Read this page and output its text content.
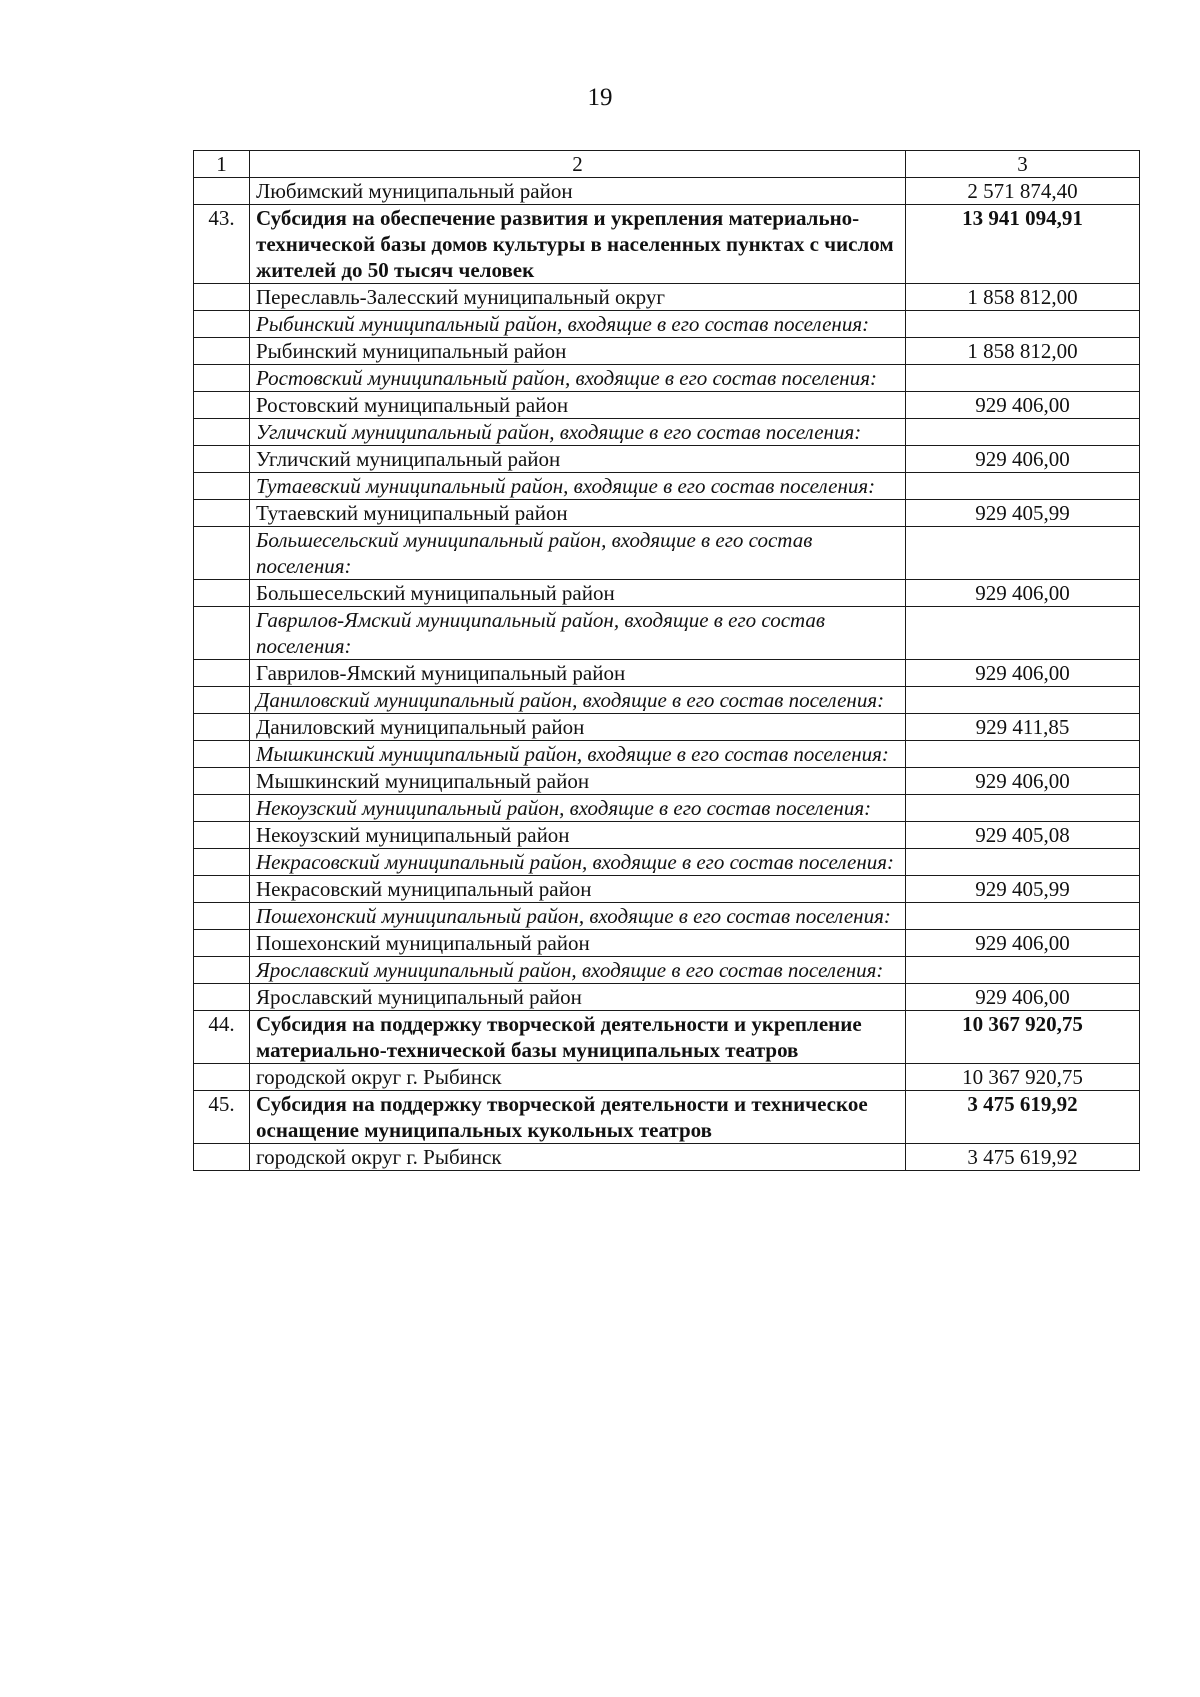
19
1	2	3
	Любимский муниципальный район	2 571 874,40
43.	Субсидия на обеспечение развития и укрепления материально-технической базы домов культуры в населенных пунктах с числом жителей до 50 тысяч человек	13 941 094,91
	Переславль-Залесский муниципальный округ	1 858 812,00
	Рыбинский муниципальный район, входящие в его состав поселения:	
	Рыбинский муниципальный район	1 858 812,00
	Ростовский муниципальный район, входящие в его состав поселения:	
	Ростовский муниципальный район	929 406,00
	Угличский муниципальный район, входящие в его состав поселения:	
	Угличский муниципальный район	929 406,00
	Тутаевский муниципальный район, входящие в его состав поселения:	
	Тутаевский муниципальный район	929 405,99
	Большесельский муниципальный район, входящие в его состав поселения:	
	Большесельский муниципальный район	929 406,00
	Гаврилов-Ямский муниципальный район, входящие в его состав поселения:	
	Гаврилов-Ямский муниципальный район	929 406,00
	Даниловский муниципальный район, входящие в его состав поселения:	
	Даниловский муниципальный район	929 411,85
	Мышкинский муниципальный район, входящие в его состав поселения:	
	Мышкинский муниципальный район	929 406,00
	Некоузский муниципальный район, входящие в его состав поселения:	
	Некоузский муниципальный район	929 405,08
	Некрасовский муниципальный район, входящие в его состав поселения:	
	Некрасовский муниципальный район	929 405,99
	Пошехонский муниципальный район, входящие в его состав поселения:	
	Пошехонский муниципальный район	929 406,00
	Ярославский муниципальный район, входящие в его состав поселения:	
	Ярославский муниципальный район	929 406,00
44.	Субсидия на поддержку творческой деятельности и укрепление материально-технической базы муниципальных театров	10 367 920,75
	городской округ г. Рыбинск	10 367 920,75
45.	Субсидия на поддержку творческой деятельности и техническое оснащение муниципальных кукольных театров	3 475 619,92
	городской округ г. Рыбинск	3 475 619,92
